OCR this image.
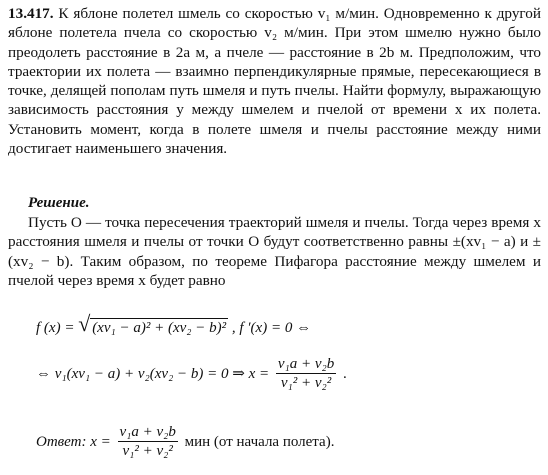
13.417. К яблоне полетел шмель со скоростью v₁ м/мин. Одновременно к другой яблоне полетела пчела со скоростью v₂ м/мин. При этом шмелю нужно было преодолеть расстояние в 2a м, а пчеле — расстояние в 2b м. Предположим, что траектории их полета — взаимно перпендикулярные прямые, пересекающиеся в точке, делящей пополам путь шмеля и путь пчелы. Найти формулу, выражающую зависимость расстояния y между шмелем и пчелой от времени x их полета. Установить момент, когда в полете шмеля и пчелы расстояние между ними достигает наименьшего значения.
Решение.
Пусть O — точка пересечения траекторий шмеля и пчелы. Тогда через время x расстояния шмеля и пчелы от точки O будут соответственно равны ±(xv₁ − a) и ±(xv₂ − b). Таким образом, по теореме Пифагора расстояние между шмелем и пчелой через время x будет равно
f (x) = √ (xv₁ − a)² + (xv₂ − b)² , f ′(x) = 0 ⇔
⇔ v₁(xv₁ − a) + v₂(xv₂ − b) = 0 ⇒ $x = \frac{\text{v₁a + v₂b}}{\text{v₁² + v₂²}}$ .
Ответ: $x = \frac{\text{v₁a + v₂b}}{\text{v₁² + v₂²}}$ мин (от начала полета).
